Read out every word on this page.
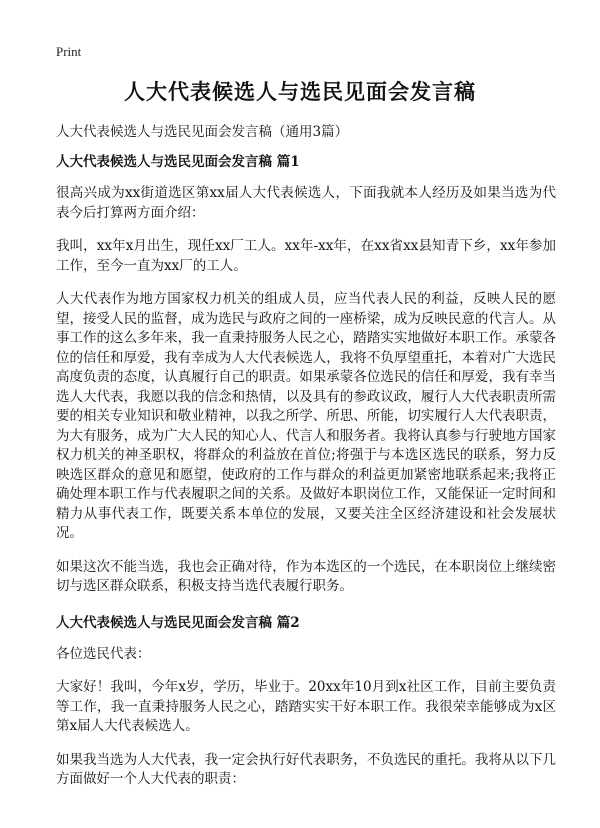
Print
人大代表候选人与选民见面会发言稿
人大代表候选人与选民见面会发言稿（通用3篇）
人大代表候选人与选民见面会发言稿 篇1

很高兴成为xx街道选区第xx届人大代表候选人，下面我就本人经历及如果当选为代表今后打算两方面介绍：

我叫，xx年x月出生，现任xx厂工人。xx年-xx年，在xx省xx县知青下乡，xx年参加工作，至今一直为xx厂的工人。

人大代表作为地方国家权力机关的组成人员，应当代表人民的利益，反映人民的愿望，接受人民的监督，成为选民与政府之间的一座桥梁，成为反映民意的代言人。从事工作的这么多年来，我一直秉持服务人民之心，踏踏实实地做好本职工作。承蒙各位的信任和厚爱，我有幸成为人大代表候选人，我将不负厚望重托，本着对广大选民高度负责的态度，认真履行自己的职责。如果承蒙各位选民的信任和厚爱，我有幸当选人大代表，我愿以我的信念和热情，以及具有的参政议政，履行人大代表职责所需要的相关专业知识和敬业精神，以我之所学、所思、所能，切实履行人大代表职责，为大有服务，成为广大人民的知心人、代言人和服务者。我将认真参与行驶地方国家权力机关的神圣职权，将群众的利益放在首位;将强于与本选区选民的联系，努力反映选区群众的意见和愿望，使政府的工作与群众的利益更加紧密地联系起来;我将正确处理本职工作与代表履职之间的关系。及做好本职岗位工作，又能保证一定时间和精力从事代表工作，既要关系本单位的发展，又要关注全区经济建设和社会发展状况。

如果这次不能当选，我也会正确对待，作为本选区的一个选民，在本职岗位上继续密切与选区群众联系，积极支持当选代表履行职务。

人大代表候选人与选民见面会发言稿 篇2

各位选民代表：

大家好！我叫，今年x岁，学历，毕业于。20xx年10月到x社区工作，目前主要负责等工作，我一直秉持服务人民之心，踏踏实实干好本职工作。我很荣幸能够成为x区第x届人大代表候选人。

如果我当选为人大代表，我一定会执行好代表职务，不负选民的重托。我将从以下几方面做好一个人大代表的职责：
